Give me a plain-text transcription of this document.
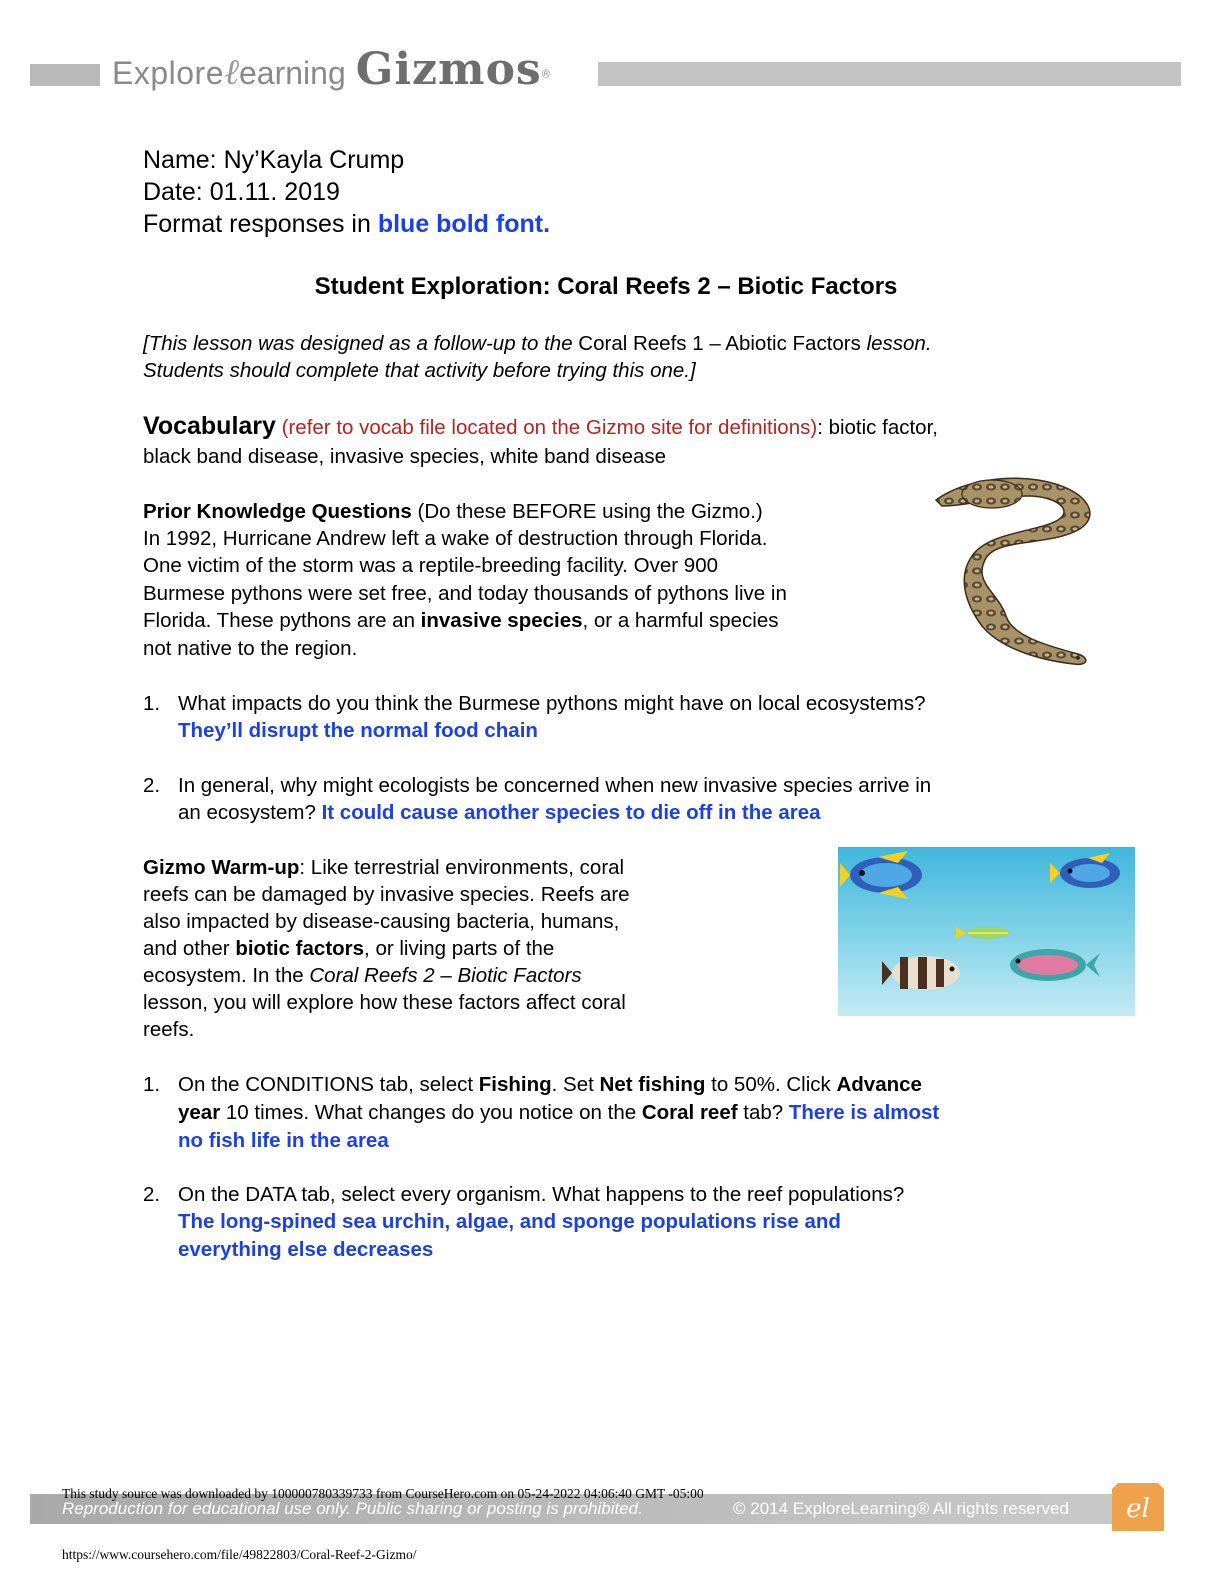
Exploreℓearning Gizmos®
Name: Ny’Kayla Crump
Date: 01.11. 2019
Format responses in blue bold font.
Student Exploration: Coral Reefs 2 – Biotic Factors
[This lesson was designed as a follow-up to the Coral Reefs 1 – Abiotic Factors lesson.
Students should complete that activity before trying this one.]
Vocabulary (refer to vocab file located on the Gizmo site for definitions): biotic factor,
black band disease, invasive species, white band disease
Prior Knowledge Questions (Do these BEFORE using the Gizmo.)
In 1992, Hurricane Andrew left a wake of destruction through Florida.
One victim of the storm was a reptile-breeding facility. Over 900
Burmese pythons were set free, and today thousands of pythons live in
Florida. These pythons are an invasive species, or a harmful species
not native to the region.
1. What impacts do you think the Burmese pythons might have on local ecosystems?
They’ll disrupt the normal food chain
2. In general, why might ecologists be concerned when new invasive species arrive in
an ecosystem? It could cause another species to die off in the area
Gizmo Warm-up: Like terrestrial environments, coral
reefs can be damaged by invasive species. Reefs are
also impacted by disease-causing bacteria, humans,
and other biotic factors, or living parts of the
ecosystem. In the Coral Reefs 2 – Biotic Factors
lesson, you will explore how these factors affect coral
reefs.
1. On the CONDITIONS tab, select Fishing. Set Net fishing to 50%. Click Advance
year 10 times. What changes do you notice on the Coral reef tab? There is almost
no fish life in the area
2. On the DATA tab, select every organism. What happens to the reef populations?
The long-spined sea urchin, algae, and sponge populations rise and
everything else decreases
Reproduction for educational use only. Public sharing or posting is prohibited.	© 2014 ExploreLearning® All rights reserved
This study source was downloaded by 100000780339733 from CourseHero.com on 05-24-2022 04:06:40 GMT -05:00
el
https://www.coursehero.com/file/49822803/Coral-Reef-2-Gizmo/
